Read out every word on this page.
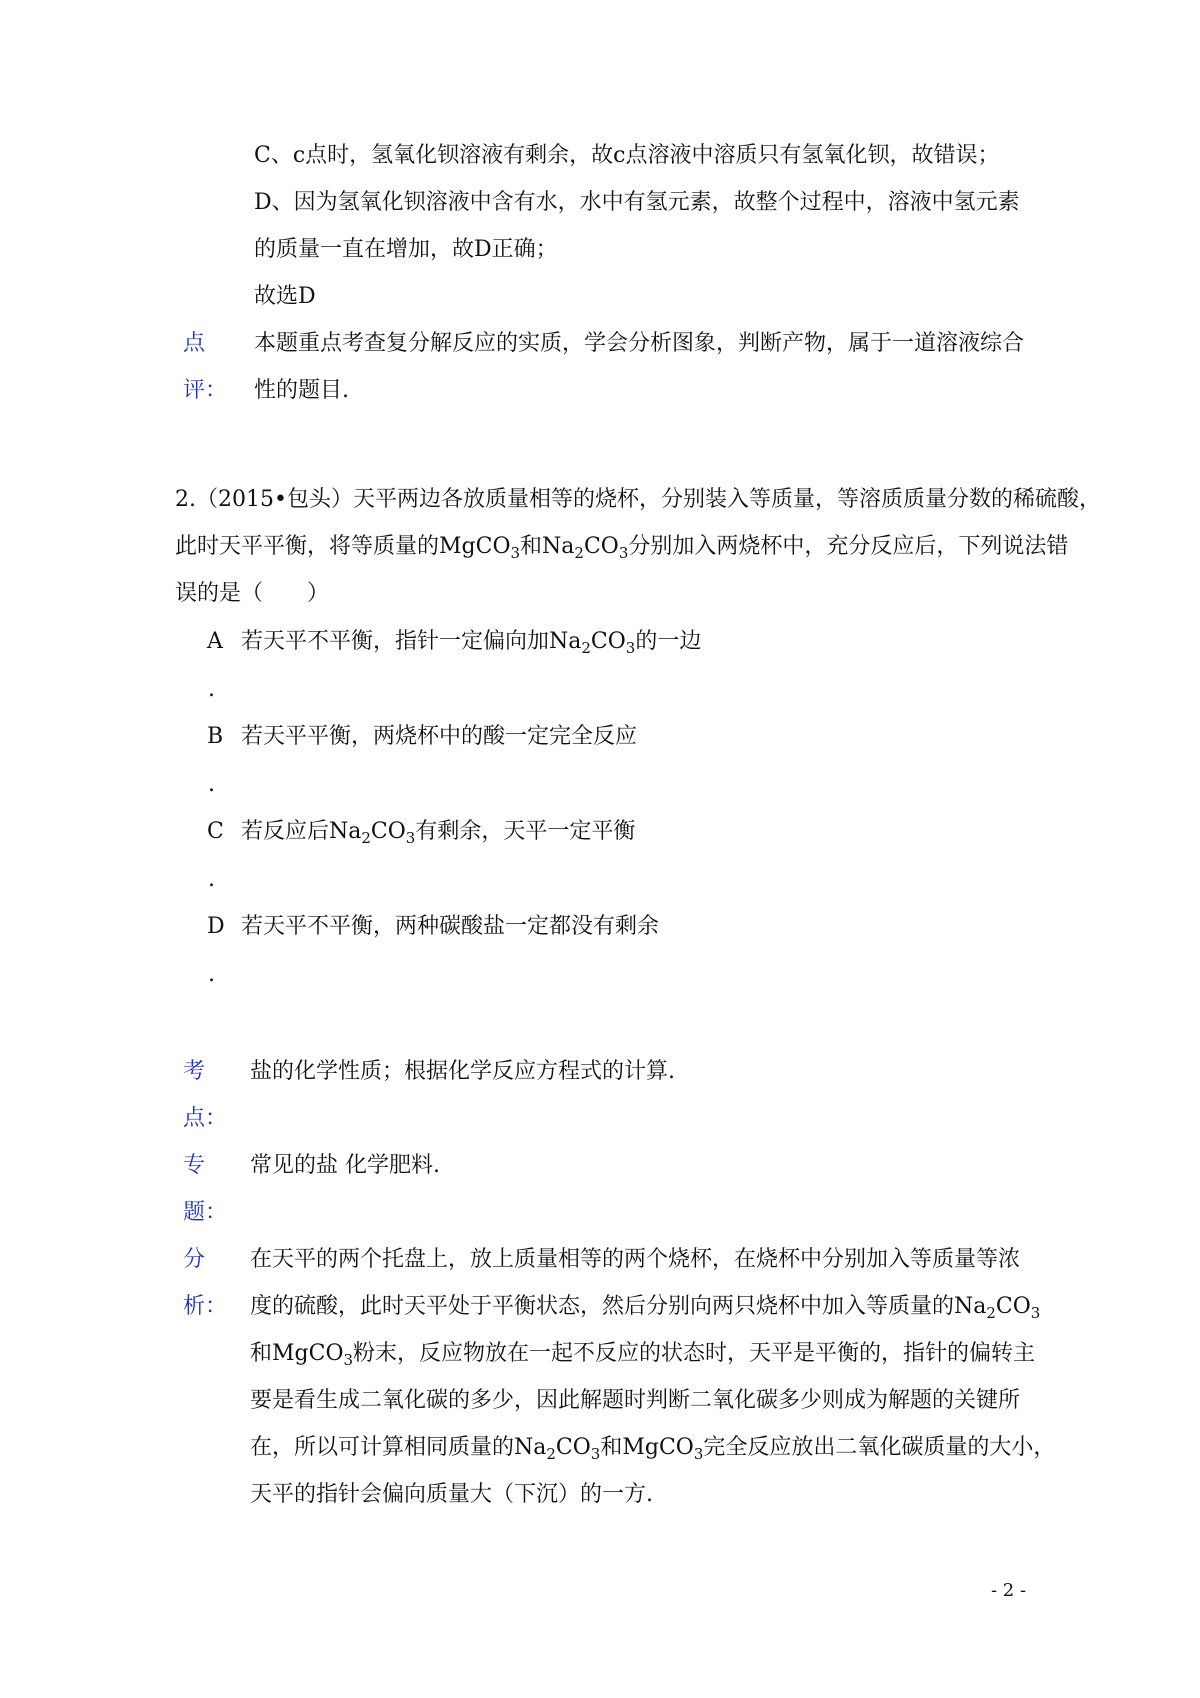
C、c点时，氢氧化钡溶液有剩余，故c点溶液中溶质只有氢氧化钡，故错误；
D、因为氢氧化钡溶液中含有水，水中有氢元素，故整个过程中，溶液中氢元素
的质量一直在增加，故D正确；
故选D
点
评：
本题重点考查复分解反应的实质，学会分析图象，判断产物，属于一道溶液综合
性的题目.
2.（2015•包头）天平两边各放质量相等的烧杯，分别装入等质量，等溶质质量分数的稀硫酸，
此时天平平衡，将等质量的MgCO$_3$和$Na_2CO_3$分别加入两烧杯中，充分反应后，下列说法错
误的是（　　）
A 若天平不平衡，指针一定偏向加$Na_2CO_3$的一边
.
B 若天平平衡，两烧杯中的酸一定完全反应
.
C 若反应后$Na_2CO_3$有剩余，天平一定平衡
.
D 若天平不平衡，两种碳酸盐一定都没有剩余
.
考
点：
盐的化学性质；根据化学反应方程式的计算.
专
题：
常见的盐 化学肥料.
分
析：
在天平的两个托盘上，放上质量相等的两个烧杯，在烧杯中分别加入等质量等浓
度的硫酸，此时天平处于平衡状态，然后分别向两只烧杯中加入等质量的$Na_2CO_3$
和MgCO$_3$粉末，反应物放在一起不反应的状态时，天平是平衡的，指针的偏转主
要是看生成二氧化碳的多少，因此解题时判断二氧化碳多少则成为解题的关键所
在，所以可计算相同质量的$Na_2CO_3$和MgCO$_3$完全反应放出二氧化碳质量的大小，
天平的指针会偏向质量大（下沉）的一方.
- 2 -
